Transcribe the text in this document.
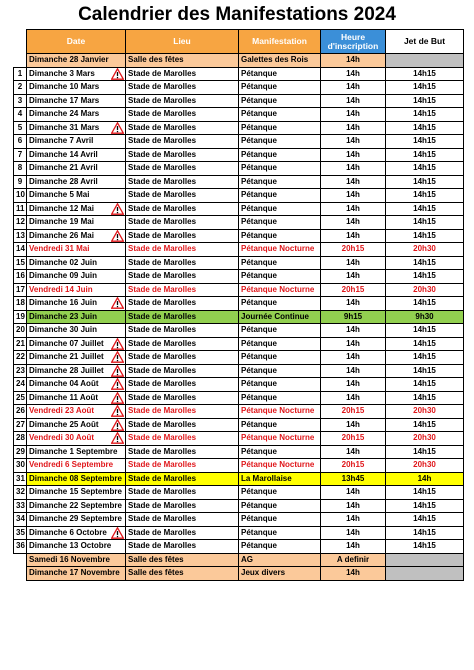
Calendrier des Manifestations 2024
	Date	Lieu	Manifestation	Heure d'inscription	Jet de But
	Dimanche 28 Janvier	Salle des fêtes	Galettes des Rois	14h	
1	Dimanche 3 Mars	Stade de Marolles	Pétanque	14h	14h15
2	Dimanche 10 Mars	Stade de Marolles	Pétanque	14h	14h15
3	Dimanche 17 Mars	Stade de Marolles	Pétanque	14h	14h15
4	Dimanche 24 Mars	Stade de Marolles	Pétanque	14h	14h15
5	Dimanche 31 Mars	Stade de Marolles	Pétanque	14h	14h15
6	Dimanche 7 Avril	Stade de Marolles	Pétanque	14h	14h15
7	Dimanche 14 Avril	Stade de Marolles	Pétanque	14h	14h15
8	Dimanche 21 Avril	Stade de Marolles	Pétanque	14h	14h15
9	Dimanche 28 Avril	Stade de Marolles	Pétanque	14h	14h15
10	Dimanche 5 Mai	Stade de Marolles	Pétanque	14h	14h15
11	Dimanche 12 Mai	Stade de Marolles	Pétanque	14h	14h15
12	Dimanche 19 Mai	Stade de Marolles	Pétanque	14h	14h15
13	Dimanche 26 Mai	Stade de Marolles	Pétanque	14h	14h15
14	Vendredi 31 Mai	Stade de Marolles	Pétanque Nocturne	20h15	20h30
15	Dimanche 02 Juin	Stade de Marolles	Pétanque	14h	14h15
16	Dimanche 09 Juin	Stade de Marolles	Pétanque	14h	14h15
17	Vendredi 14 Juin	Stade de Marolles	Pétanque Nocturne	20h15	20h30
18	Dimanche 16 Juin	Stade de Marolles	Pétanque	14h	14h15
19	Dimanche 23 Juin	Stade de Marolles	Journée Continue	9h15	9h30
20	Dimanche 30 Juin	Stade de Marolles	Pétanque	14h	14h15
21	Dimanche 07 Juillet	Stade de Marolles	Pétanque	14h	14h15
22	Dimanche 21 Juillet	Stade de Marolles	Pétanque	14h	14h15
23	Dimanche 28 Juillet	Stade de Marolles	Pétanque	14h	14h15
24	Dimanche 04 Août	Stade de Marolles	Pétanque	14h	14h15
25	Dimanche 11 Août	Stade de Marolles	Pétanque	14h	14h15
26	Vendredi 23 Août	Stade de Marolles	Pétanque Nocturne	20h15	20h30
27	Dimanche 25 Août	Stade de Marolles	Pétanque	14h	14h15
28	Vendredi 30 Août	Stade de Marolles	Pétanque Nocturne	20h15	20h30
29	Dimanche 1 Septembre	Stade de Marolles	Pétanque	14h	14h15
30	Vendredi 6 Septembre	Stade de Marolles	Pétanque Nocturne	20h15	20h30
31	Dimanche 08 Septembre	Stade de Marolles	La Marollaise	13h45	14h
32	Dimanche 15 Septembre	Stade de Marolles	Pétanque	14h	14h15
33	Dimanche 22 Septembre	Stade de Marolles	Pétanque	14h	14h15
34	Dimanche 29 Septembre	Stade de Marolles	Pétanque	14h	14h15
35	Dimanche 6 Octobre	Stade de Marolles	Pétanque	14h	14h15
36	Dimanche 13 Octobre	Stade de Marolles	Pétanque	14h	14h15
	Samedi 16 Novembre	Salle des fêtes	AG	A definir	
	Dimanche 17 Novembre	Salle des fêtes	Jeux divers	14h	
